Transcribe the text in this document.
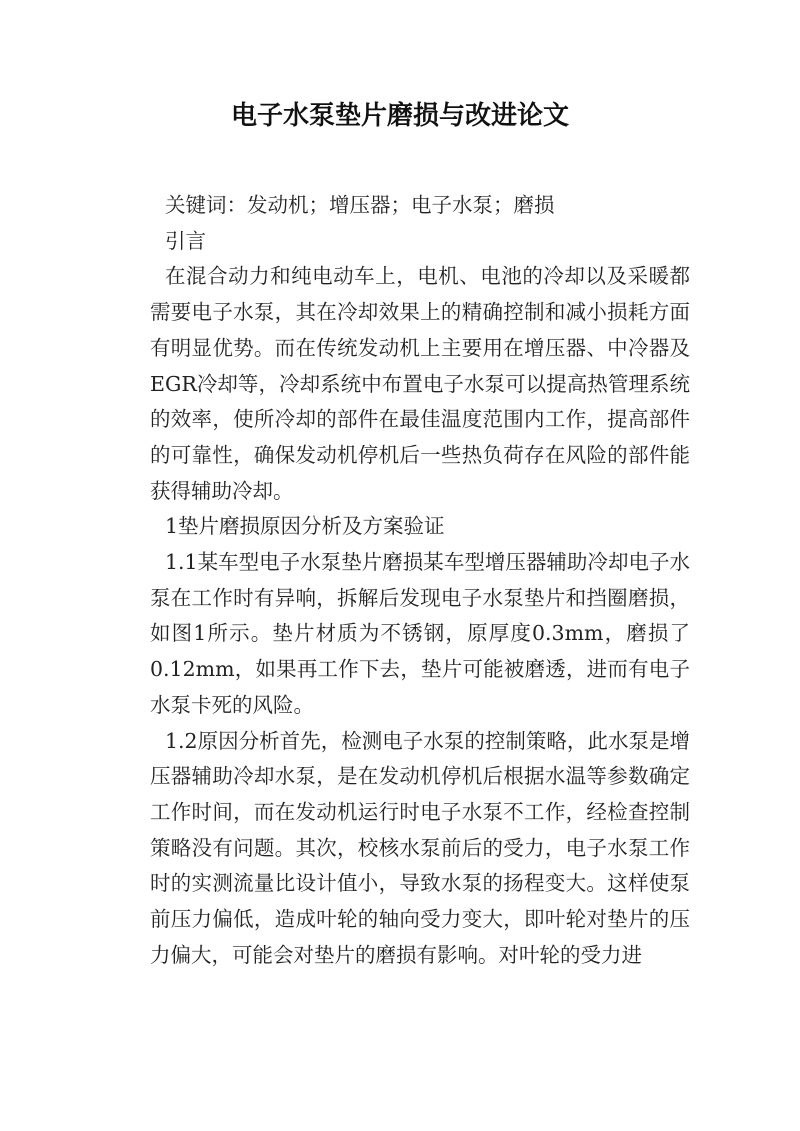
电子水泵垫片磨损与改进论文

关键词：发动机；增压器；电子水泵；磨损

引言

在混合动力和纯电动车上，电机、电池的冷却以及采暖都需要电子水泵，其在冷却效果上的精确控制和减小损耗方面有明显优势。而在传统发动机上主要用在增压器、中冷器及EGR冷却等，冷却系统中布置电子水泵可以提高热管理系统的效率，使所冷却的部件在最佳温度范围内工作，提高部件的可靠性，确保发动机停机后一些热负荷存在风险的部件能获得辅助冷却。

1垫片磨损原因分析及方案验证

1.1某车型电子水泵垫片磨损某车型增压器辅助冷却电子水泵在工作时有异响，拆解后发现电子水泵垫片和挡圈磨损，如图1所示。垫片材质为不锈钢，原厚度0.3mm，磨损了0.12mm，如果再工作下去，垫片可能被磨透，进而有电子水泵卡死的风险。

1.2原因分析首先，检测电子水泵的控制策略，此水泵是增压器辅助冷却水泵，是在发动机停机后根据水温等参数确定工作时间，而在发动机运行时电子水泵不工作，经检查控制策略没有问题。其次，校核水泵前后的受力，电子水泵工作时的实测流量比设计值小，导致水泵的扬程变大。这样使泵前压力偏低，造成叶轮的轴向受力变大，即叶轮对垫片的压力偏大，可能会对垫片的磨损有影响。对叶轮的受力进
